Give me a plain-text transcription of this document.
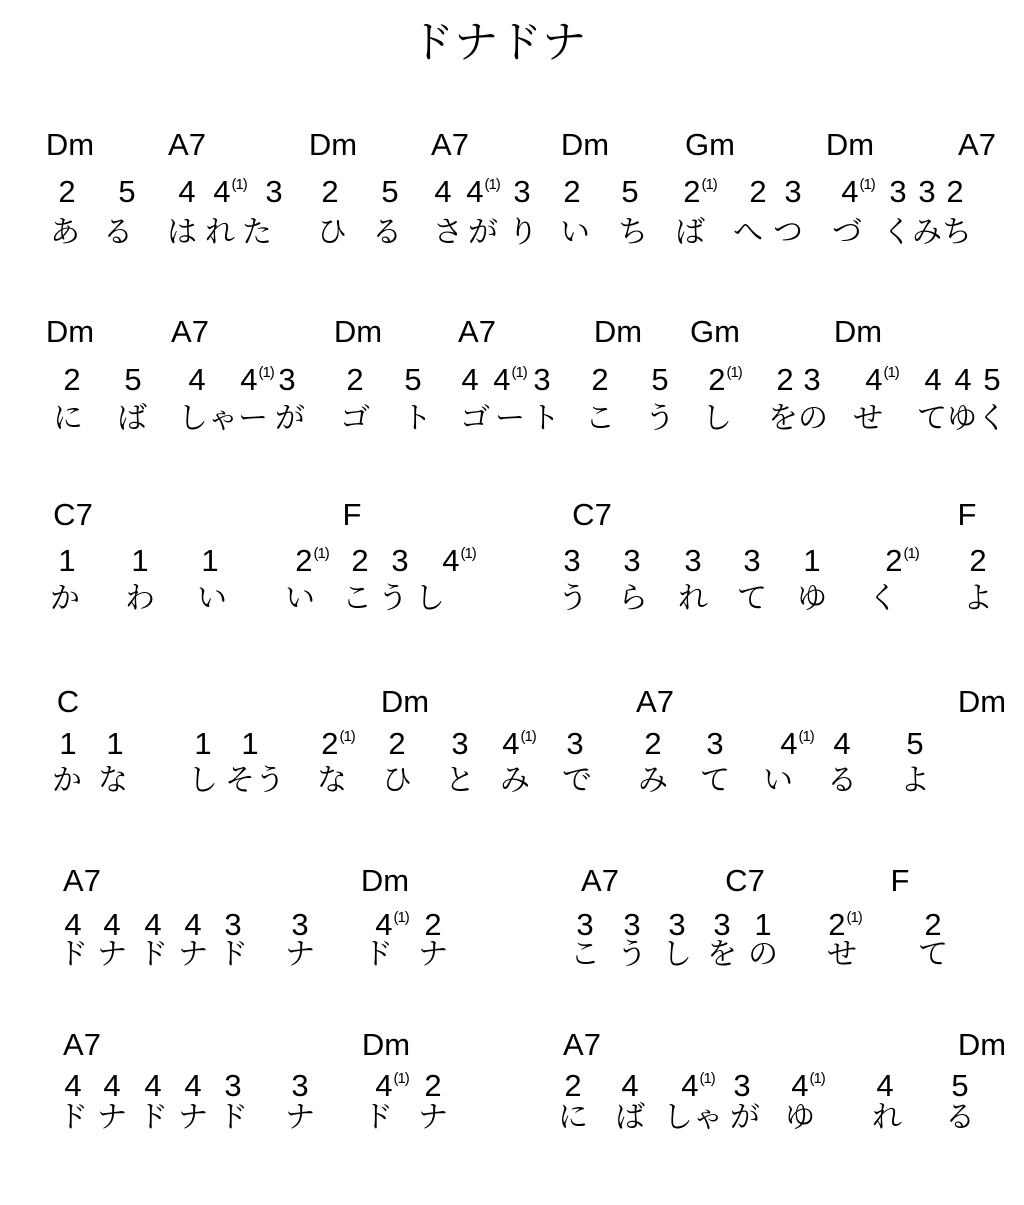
ドナドナ
Dm A7	Dm A7	Dm Gm	Dm	A7
2 5 4 4$^{(1)}$ 3 2 5 4 4$^{(1)}$ 3 2 5 2$^{(1)}$ 2 3 4$^{(1)}$ 3 3 2
あ る は れ た ひ る さ が り い ち ば へ つ づ く み ち
Dm A7	Dm A7	Dm Gm	Dm
2 5 4 4$^{(1)}$ 3 2 5 4 4$^{(1)}$ 3 2 5 2$^{(1)}$ 2 3 4$^{(1)}$ 4 4 5
に ば しゃ ー が ゴ ト ゴ ー ト こ う し を の せ て ゆ く
C7	F	C7	F
1 1 1 2$^{(1)}$ 2 3 4$^{(1)}$	3 3 3 3 1 2$^{(1)}$ 2
か わ い い こ う し	う ら れ て ゆ く よ
C	Dm	A7	Dm
1 1 1 1 2$^{(1)}$ 2 3 4$^{(1)}$ 3 2 3 4$^{(1)}$ 4 5
か な し そう な ひ と み で み て い る よ
A7	Dm	A7	C7	F
4 4 4 4 3 3 4$^{(1)}$ 2	3 3 3 3 1 2$^{(1)}$ 2
ド ナ ド ナ ド ナ ド ナ	こ う し を の せ て
A7	Dm	A7	Dm
4 4 4 4 3 3 4$^{(1)}$ 2	2 4 4$^{(1)}$ 3 4$^{(1)}$ 4 5
ド ナ ド ナ ド ナ ド ナ	に ば しゃ が ゆ れ る
